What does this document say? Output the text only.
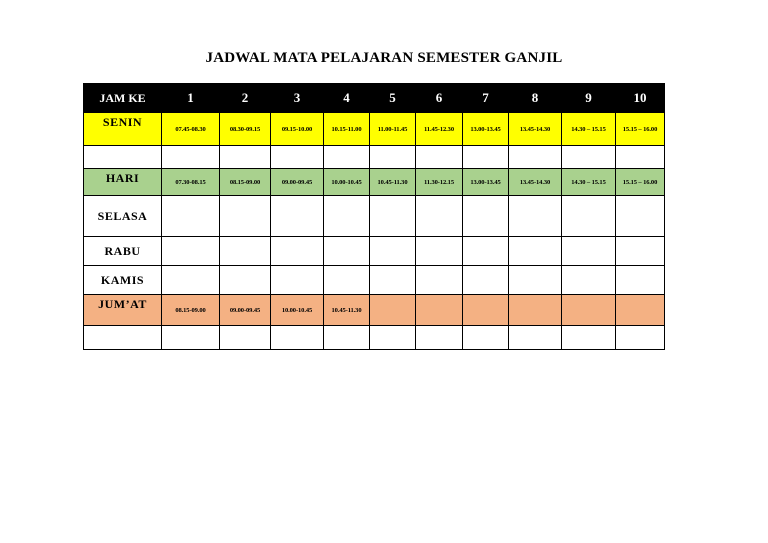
JADWAL MATA PELAJARAN SEMESTER GANJIL
JAM KE	1	2	3	4	5	6	7	8	9	10
SENIN	07.45-08.30	08.30-09.15	09.15-10.00	10.15-11.00	11.00-11.45	11.45-12.30	13.00-13.45	13.45-14.30	14.30 – 15.15	15.15 – 16.00

HARI	07.30-08.15	08.15-09.00	09.00-09.45	10.00-10.45	10.45-11.30	11.30-12.15	13.00-13.45	13.45-14.30	14.30 – 15.15	15.15 – 16.00
SELASA										
RABU										
KAMIS										
JUM’AT	08.15-09.00	09.00-09.45	10.00-10.45	10.45-11.30						
